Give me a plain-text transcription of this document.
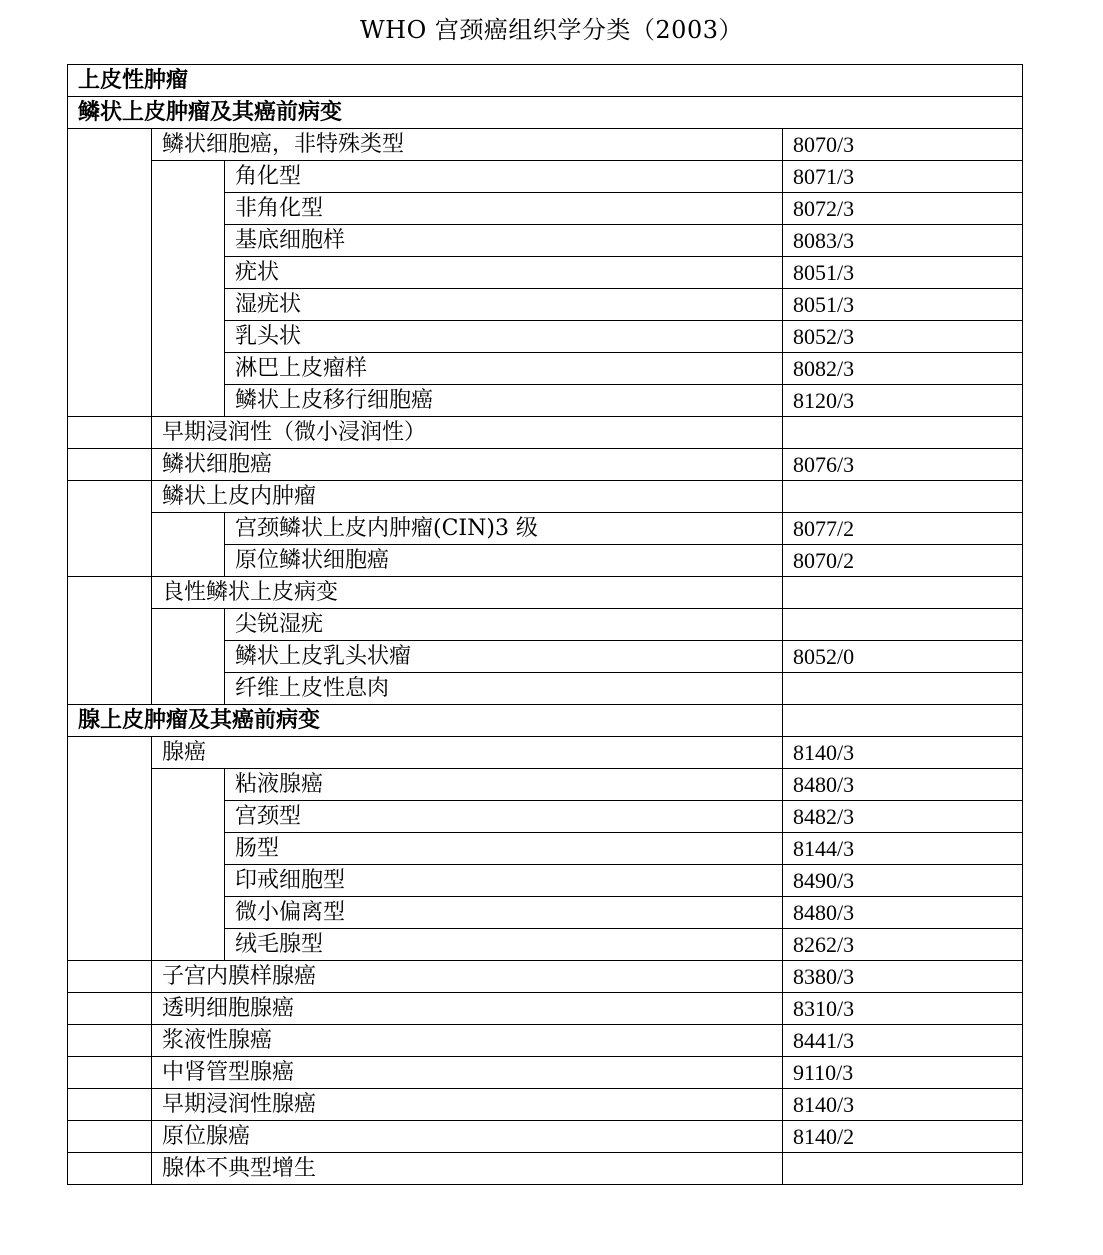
WHO 宫颈癌组织学分类（2003）
上皮性肿瘤			
鳞状上皮肿瘤及其癌前病变			
	鳞状细胞癌，非特殊类型		8070/3
		角化型	8071/3
		非角化型	8072/3
		基底细胞样	8083/3
		疣状	8051/3
		湿疣状	8051/3
		乳头状	8052/3
		淋巴上皮瘤样	8082/3
		鳞状上皮移行细胞癌	8120/3
	早期浸润性（微小浸润性）		
	鳞状细胞癌		8076/3
	鳞状上皮内肿瘤		
		宫颈鳞状上皮内肿瘤(CIN)3 级	8077/2
		原位鳞状细胞癌	8070/2
	良性鳞状上皮病变		
		尖锐湿疣	
		鳞状上皮乳头状瘤	8052/0
		纤维上皮性息肉	
腺上皮肿瘤及其癌前病变			
	腺癌		8140/3
		粘液腺癌	8480/3
		宫颈型	8482/3
		肠型	8144/3
		印戒细胞型	8490/3
		微小偏离型	8480/3
		绒毛腺型	8262/3
	子宫内膜样腺癌		8380/3
	透明细胞腺癌		8310/3
	浆液性腺癌		8441/3
	中肾管型腺癌		9110/3
	早期浸润性腺癌		8140/3
	原位腺癌		8140/2
	腺体不典型增生		
